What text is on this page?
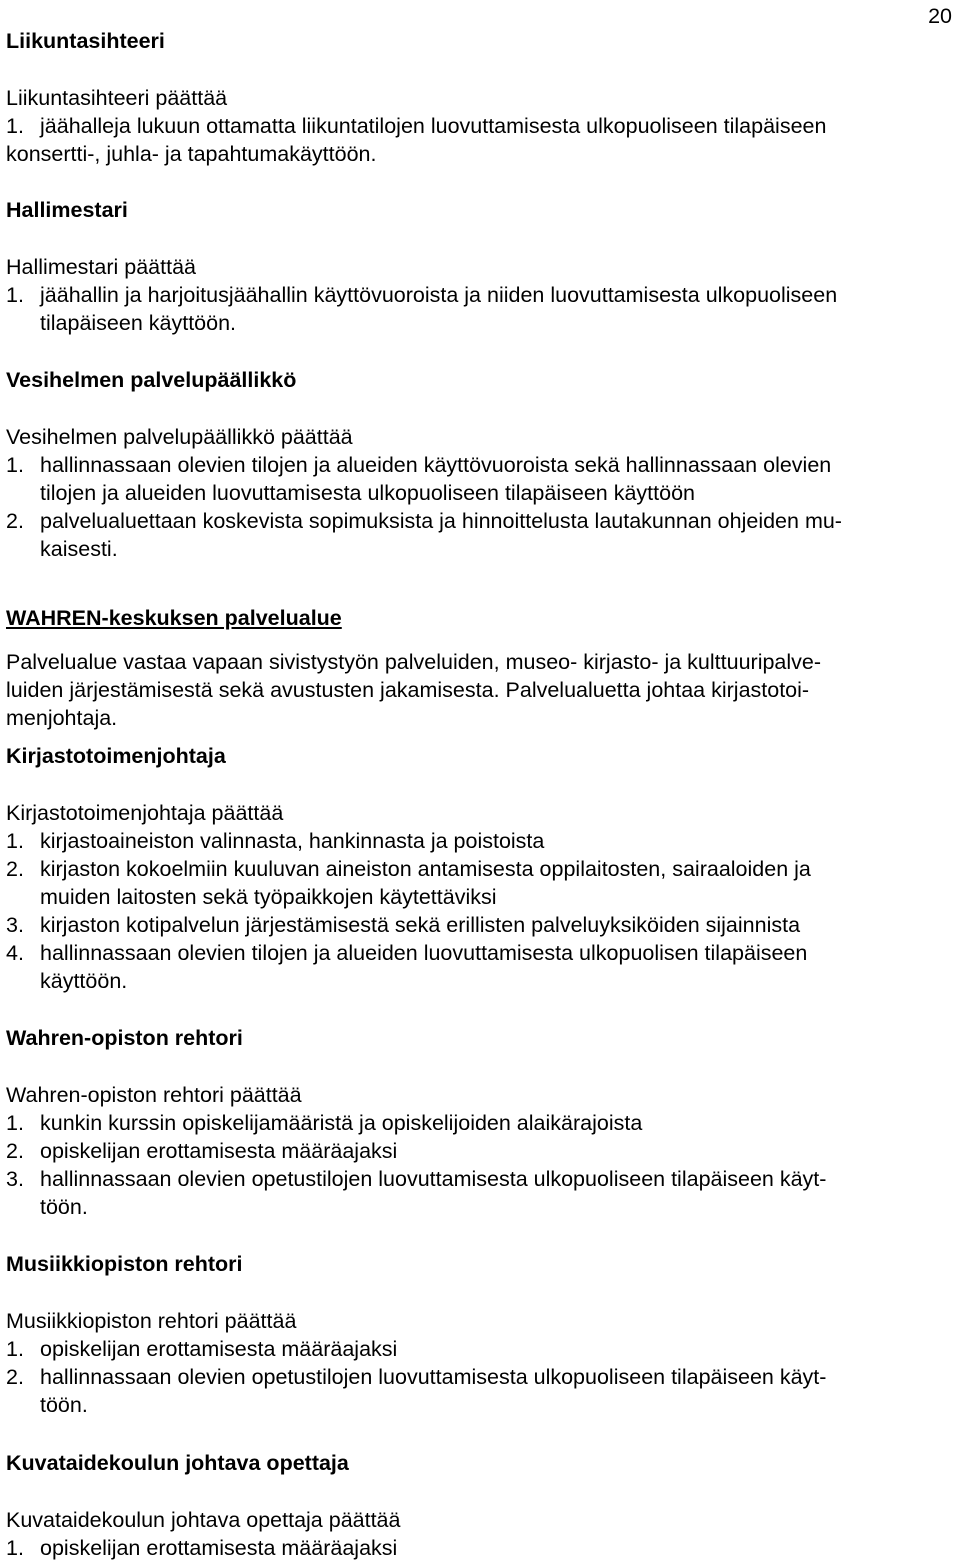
20
Liikuntasihteeri
Liikuntasihteeri päättää
1. jäähalleja lukuun ottamatta liikuntatilojen luovuttamisesta ulkopuoliseen tilapäiseen
konsertti-, juhla- ja tapahtumakäyttöön.
Hallimestari
Hallimestari päättää
1. jäähallin ja harjoitusjäähallin käyttövuoroista ja niiden luovuttamisesta ulkopuoliseen
tilapäiseen käyttöön.
Vesihelmen palvelupäällikkö
Vesihelmen palvelupäällikkö päättää
1. hallinnassaan olevien tilojen ja alueiden käyttövuoroista sekä hallinnassaan olevien
tilojen ja alueiden luovuttamisesta ulkopuoliseen tilapäiseen käyttöön
2. palvelualuettaan koskevista sopimuksista ja hinnoittelusta lautakunnan ohjeiden mu-
kaisesti.
WAHREN-keskuksen palvelualue
Palvelualue vastaa vapaan sivistystyön palveluiden, museo- kirjasto- ja kulttuuripalve-
luiden järjestämisestä sekä avustusten jakamisesta. Palvelualuetta johtaa kirjastotoi-
menjohtaja.
Kirjastotoimenjohtaja
Kirjastotoimenjohtaja päättää
1. kirjastoaineiston valinnasta, hankinnasta ja poistoista
2. kirjaston kokoelmiin kuuluvan aineiston antamisesta oppilaitosten, sairaaloiden ja
muiden laitosten sekä työpaikkojen käytettäviksi
3. kirjaston kotipalvelun järjestämisestä sekä erillisten palveluyksiköiden sijainnista
4. hallinnassaan olevien tilojen ja alueiden luovuttamisesta ulkopuolisen tilapäiseen
käyttöön.
Wahren-opiston rehtori
Wahren-opiston rehtori päättää
1. kunkin kurssin opiskelijamääristä ja opiskelijoiden alaikärajoista
2. opiskelijan erottamisesta määräajaksi
3. hallinnassaan olevien opetustilojen luovuttamisesta ulkopuoliseen tilapäiseen käyt-
töön.
Musiikkiopiston rehtori
Musiikkiopiston rehtori päättää
1. opiskelijan erottamisesta määräajaksi
2. hallinnassaan olevien opetustilojen luovuttamisesta ulkopuoliseen tilapäiseen käyt-
töön.
Kuvataidekoulun johtava opettaja
Kuvataidekoulun johtava opettaja päättää
1. opiskelijan erottamisesta määräajaksi
